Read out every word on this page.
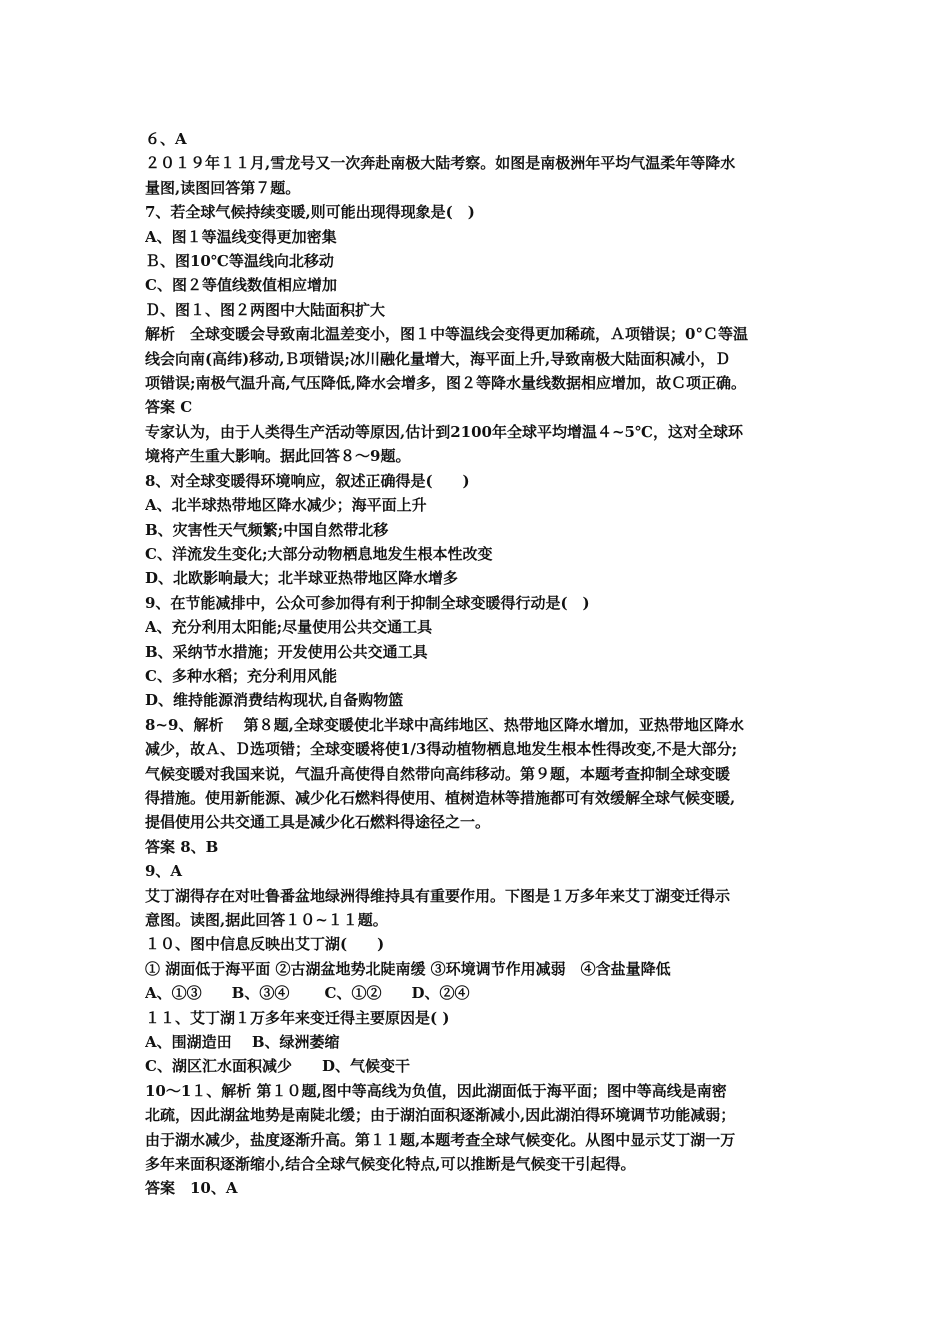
６、A
２０１９年１１月,雪龙号又一次奔赴南极大陆考察。如图是南极洲年平均气温柔年等降水
量图,读图回答第７题。
7、若全球气候持续变暖,则可能出现得现象是(　)
A、图１等温线变得更加密集
Ｂ、图10℃等温线向北移动
C、图２等值线数值相应增加
Ｄ、图１、图２两图中大陆面积扩大
解析　全球变暖会导致南北温差变小，图１中等温线会变得更加稀疏，Ａ项错误；0°Ｃ等温
线会向南(高纬)移动,Ｂ项错误;冰川融化量增大，海平面上升,导致南极大陆面积减小，Ｄ
项错误;南极气温升高,气压降低,降水会增多，图２等降水量线数据相应增加，故Ｃ项正确。
答案 C
专家认为，由于人类得生产活动等原因,估计到2100年全球平均增温４~5℃，这对全球环
境将产生重大影响。据此回答８～9题。
8、对全球变暖得环境响应，叙述正确得是(　　)
A、北半球热带地区降水减少；海平面上升
B、灾害性天气频繁;中国自然带北移
C、洋流发生变化;大部分动物栖息地发生根本性改变
D、北欧影响最大；北半球亚热带地区降水增多
9、在节能减排中，公众可参加得有利于抑制全球变暖得行动是(　)
A、充分利用太阳能;尽量使用公共交通工具
B、采纳节水措施；开发使用公共交通工具
C、多种水稻；充分利用风能
D、维持能源消费结构现状,自备购物篮
8~9、解析　 第８题,全球变暖使北半球中高纬地区、热带地区降水增加，亚热带地区降水
减少，故Ａ、Ｄ选项错；全球变暖将使1/3得动植物栖息地发生根本性得改变,不是大部分;
气候变暖对我国来说，气温升高使得自然带向高纬移动。第９题，本题考查抑制全球变暖
得措施。使用新能源、减少化石燃料得使用、植树造林等措施都可有效缓解全球气候变暖,
提倡使用公共交通工具是减少化石燃料得途径之一。
答案 8、B
9、A
艾丁湖得存在对吐鲁番盆地绿洲得维持具有重要作用。下图是１万多年来艾丁湖变迁得示
意图。读图,据此回答１０~１１题。
１０、图中信息反映出艾丁湖(　　)
① 湖面低于海平面 ②古湖盆地势北陡南缓 ③环境调节作用减弱　④含盐量降低
A、①③　　B、③④　　 C、①②　　D、②④
１１、艾丁湖１万多年来变迁得主要原因是( )
A、围湖造田　 B、绿洲萎缩
C、湖区汇水面积减少　　D、气候变干
10～1１、解析 第１０题,图中等高线为负值，因此湖面低于海平面；图中等高线是南密
北疏，因此湖盆地势是南陡北缓；由于湖泊面积逐渐减小,因此湖泊得环境调节功能减弱；
由于湖水减少，盐度逐渐升高。第１１题,本题考查全球气候变化。从图中显示艾丁湖一万
多年来面积逐渐缩小,结合全球气候变化特点,可以推断是气候变干引起得。
答案　10、A
